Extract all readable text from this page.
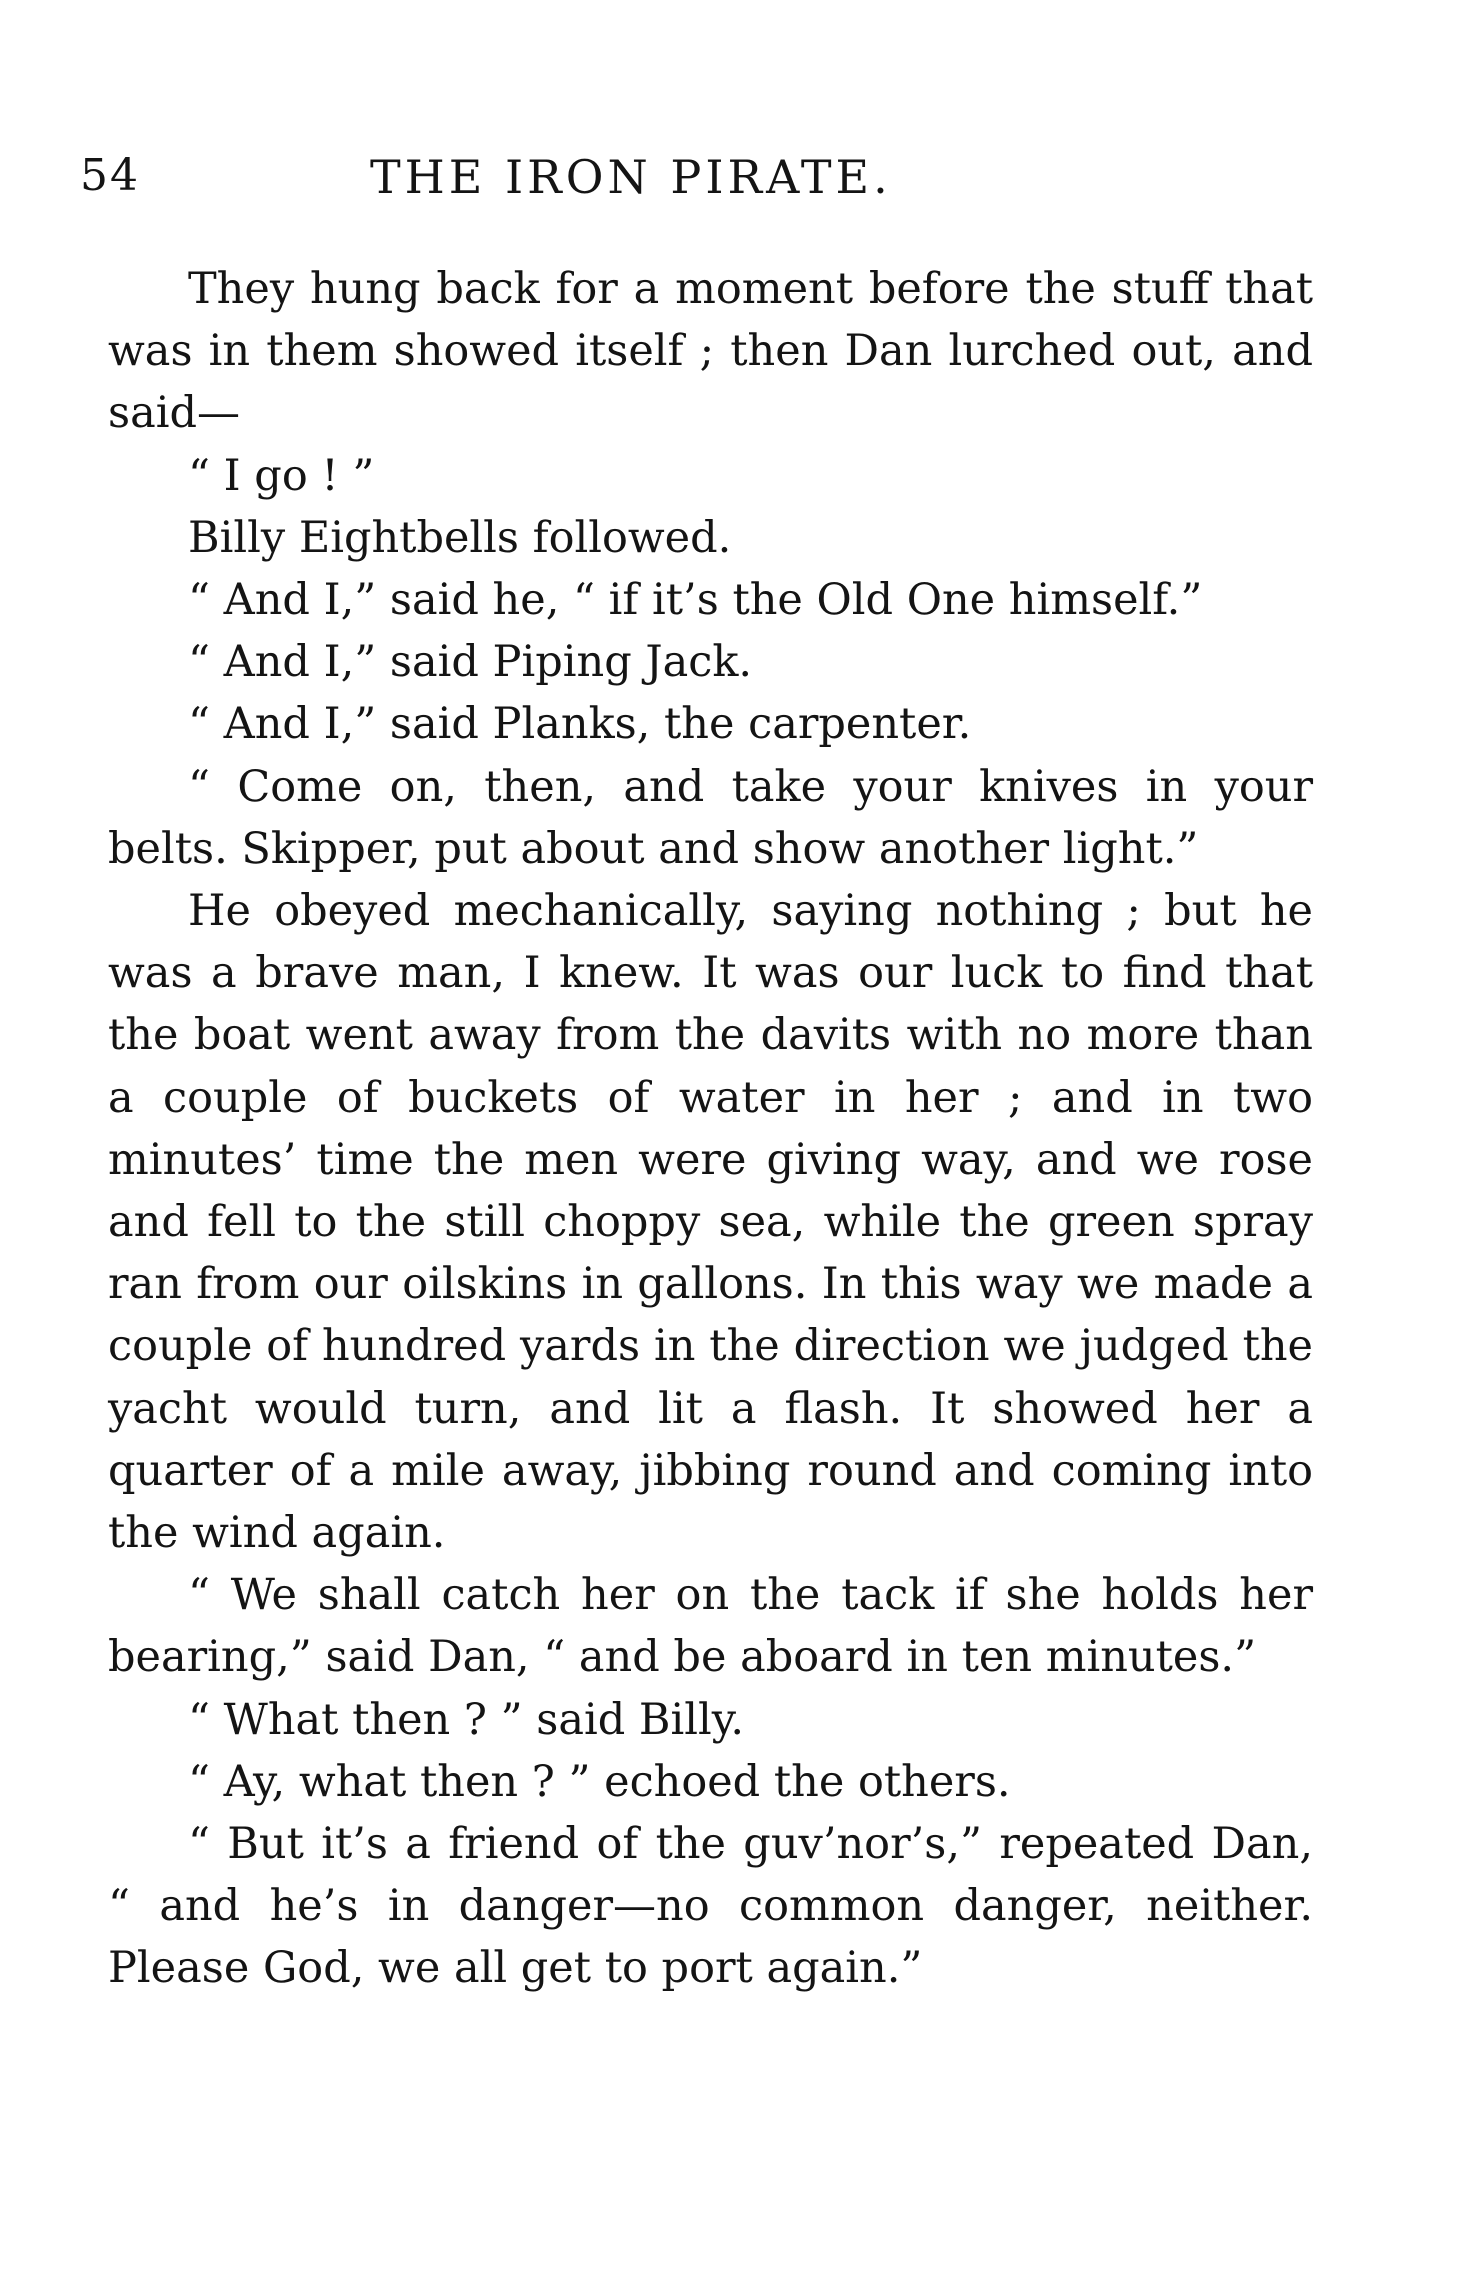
54	THE IRON PIRATE.

They hung back for a moment before the stuff that was in them showed itself ; then Dan lurched out, and said—

“ I go ! ”

Billy Eightbells followed.

“ And I,” said he, “ if it’s the Old One himself.”

“ And I,” said Piping Jack.

“ And I,” said Planks, the carpenter.

“ Come on, then, and take your knives in your belts. Skipper, put about and show another light.”

He obeyed mechanically, saying nothing ; but he was a brave man, I knew. It was our luck to find that the boat went away from the davits with no more than a couple of buckets of water in her ; and in two minutes’ time the men were giving way, and we rose and fell to the still choppy sea, while the green spray ran from our oilskins in gallons. In this way we made a couple of hundred yards in the direction we judged the yacht would turn, and lit a flash. It showed her a quarter of a mile away, jibbing round and coming into the wind again.

“ We shall catch her on the tack if she holds her bearing,” said Dan, “ and be aboard in ten minutes.”

“ What then ? ” said Billy.

“ Ay, what then ? ” echoed the others.

“ But it’s a friend of the guv’nor’s,” repeated Dan, “ and he’s in danger—no common danger, neither. Please God, we all get to port again.”
